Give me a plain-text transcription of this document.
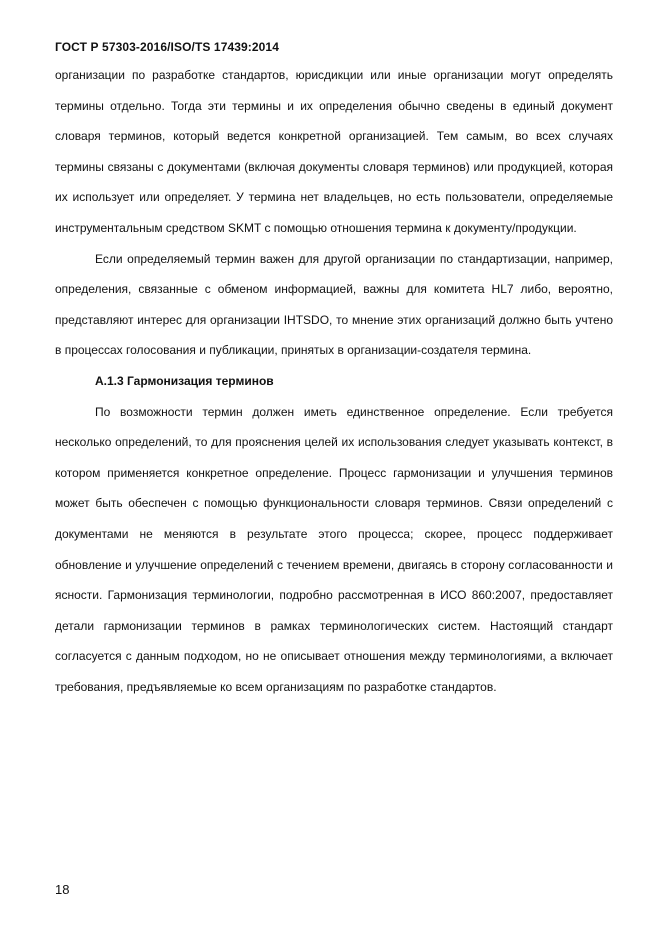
ГОСТ Р 57303-2016/ISO/TS 17439:2014

организации по разработке стандартов, юрисдикции или иные организации могут определять термины отдельно. Тогда эти термины и их определения обычно сведены в единый документ словаря терминов, который ведется конкретной организацией. Тем самым, во всех случаях термины связаны с документами (включая документы словаря терминов) или продукцией, которая их использует или определяет. У термина нет владельцев, но есть пользователи, определяемые инструментальным средством SKMT с помощью отношения термина к документу/продукции.

Если определяемый термин важен для другой организации по стандартизации, например, определения, связанные с обменом информацией, важны для комитета HL7 либо, вероятно, представляют интерес для организации IHTSDO, то мнение этих организаций должно быть учтено в процессах голосования и публикации, принятых в организации-создателя термина.

А.1.3 Гармонизация терминов

По возможности термин должен иметь единственное определение. Если требуется несколько определений, то для прояснения целей их использования следует указывать контекст, в котором применяется конкретное определение. Процесс гармонизации и улучшения терминов может быть обеспечен с помощью функциональности словаря терминов. Связи определений с документами не меняются в результате этого процесса; скорее, процесс поддерживает обновление и улучшение определений с течением времени, двигаясь в сторону согласованности и ясности. Гармонизация терминологии, подробно рассмотренная в ИСО 860:2007, предоставляет детали гармонизации терминов в рамках терминологических систем. Настоящий стандарт согласуется с данным подходом, но не описывает отношения между терминологиями, а включает требования, предъявляемые ко всем организациям по разработке стандартов.

18
